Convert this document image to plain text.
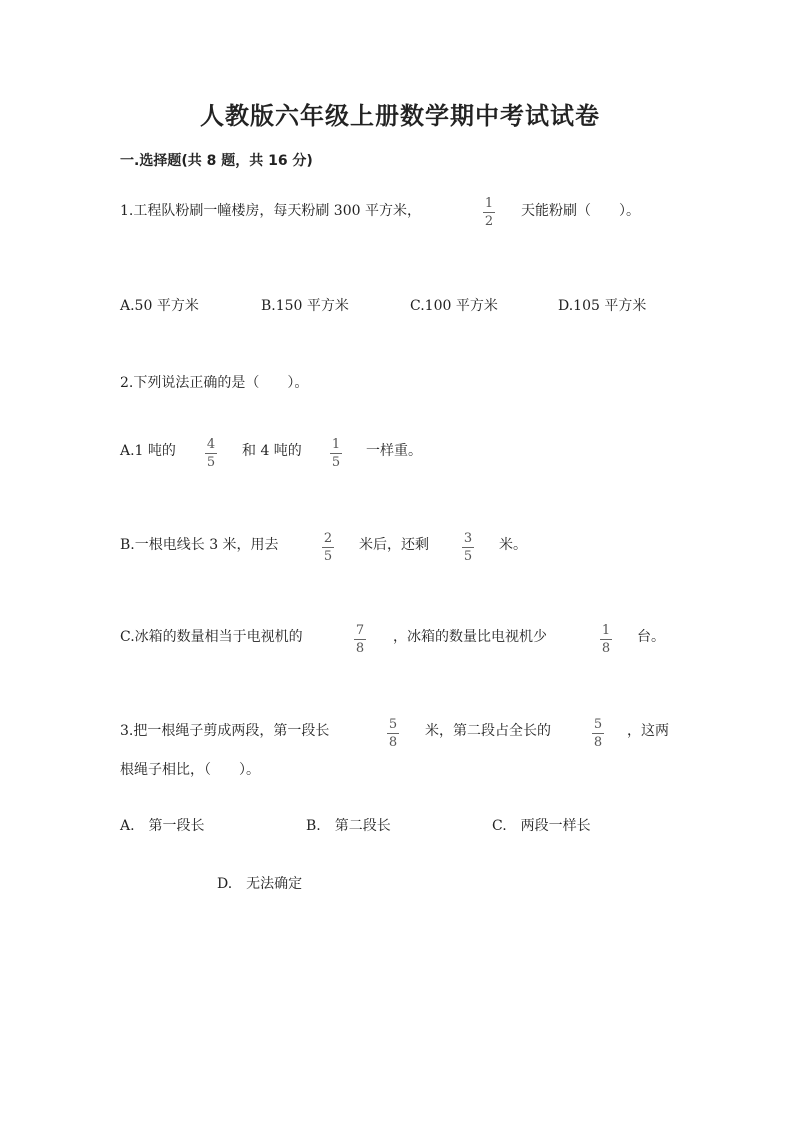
人教版六年级上册数学期中考试试卷
一.选择题(共 8 题，共 16 分)
1.工程队粉刷一幢楼房，每天粉刷 300 平方米，	1
2
天能粉刷（　　）。
A.50 平方米	B.150 平方米	C.100 平方米	D.105 平方米
2.下列说法正确的是（　　）。
A.1 吨的 4
5
和 4 吨的 1
5
一样重。
B.一根电线长 3 米，用去	2
5
米后，还剩	3
5
米。
C.冰箱的数量相当于电视机的	7
8
，冰箱的数量比电视机少	1
8
台。
3.把一根绳子剪成两段，第一段长	5
8
米，第二段占全长的	5
8
，这两
根绳子相比，（　　）。
A.　第一段长	B.　第二段长	C.　两段一样长
D.　无法确定
